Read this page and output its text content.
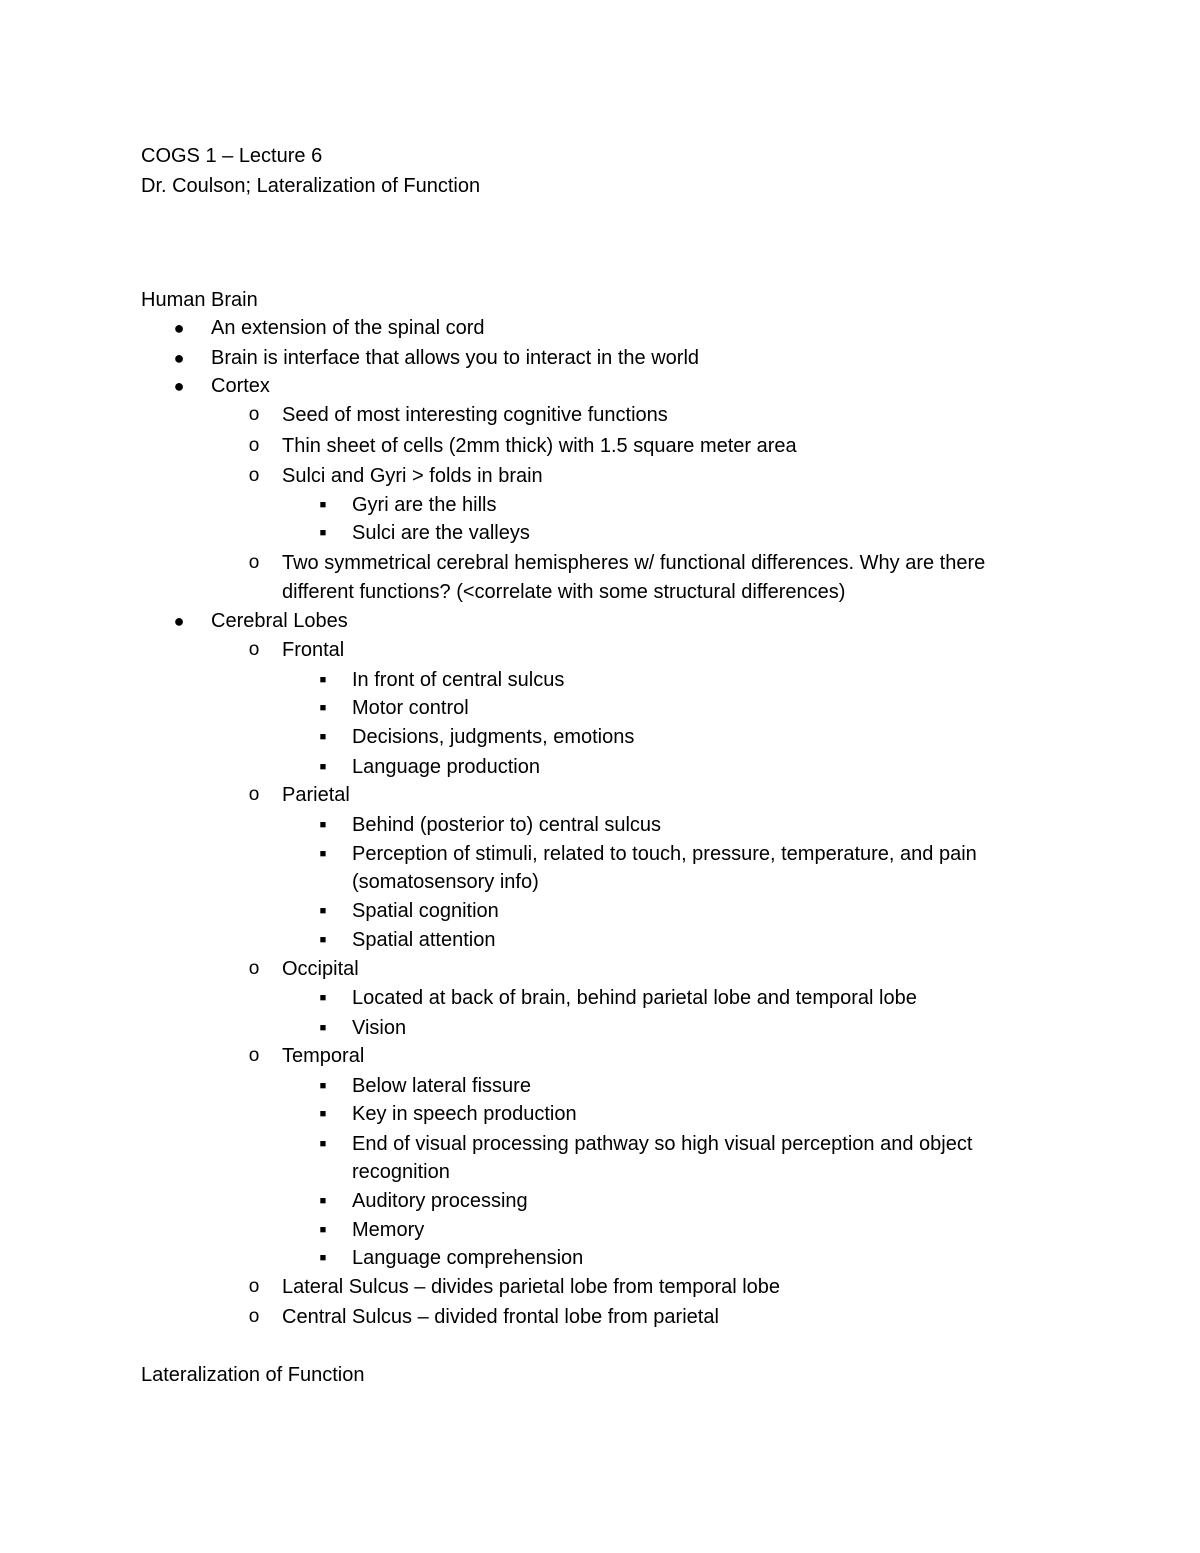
COGS 1 – Lecture 6
Dr. Coulson; Lateralization of Function
Human Brain
● An extension of the spinal cord
● Brain is interface that allows you to interact in the world
● Cortex
o Seed of most interesting cognitive functions
o Thin sheet of cells (2mm thick) with 1.5 square meter area
o Sulci and Gyri > folds in brain
■	Gyri are the hills
■	Sulci are the valleys
o Two symmetrical cerebral hemispheres w/ functional differences. Why are there
different functions? (<correlate with some structural differences)
● Cerebral Lobes
o Frontal
■	In front of central sulcus
■	Motor control
■	Decisions, judgments, emotions
■	Language production
o Parietal
■	Behind (posterior to) central sulcus
■	Perception of stimuli, related to touch, pressure, temperature, and pain
(somatosensory info)
■	Spatial cognition
■	Spatial attention
o Occipital
■	Located at back of brain, behind parietal lobe and temporal lobe
■	Vision
o Temporal
■	Below lateral fissure
■	Key in speech production
■	End of visual processing pathway so high visual perception and object
recognition
■	Auditory processing
■	Memory
■	Language comprehension
o Lateral Sulcus – divides parietal lobe from temporal lobe
o Central Sulcus – divided frontal lobe from parietal
Lateralization of Function
